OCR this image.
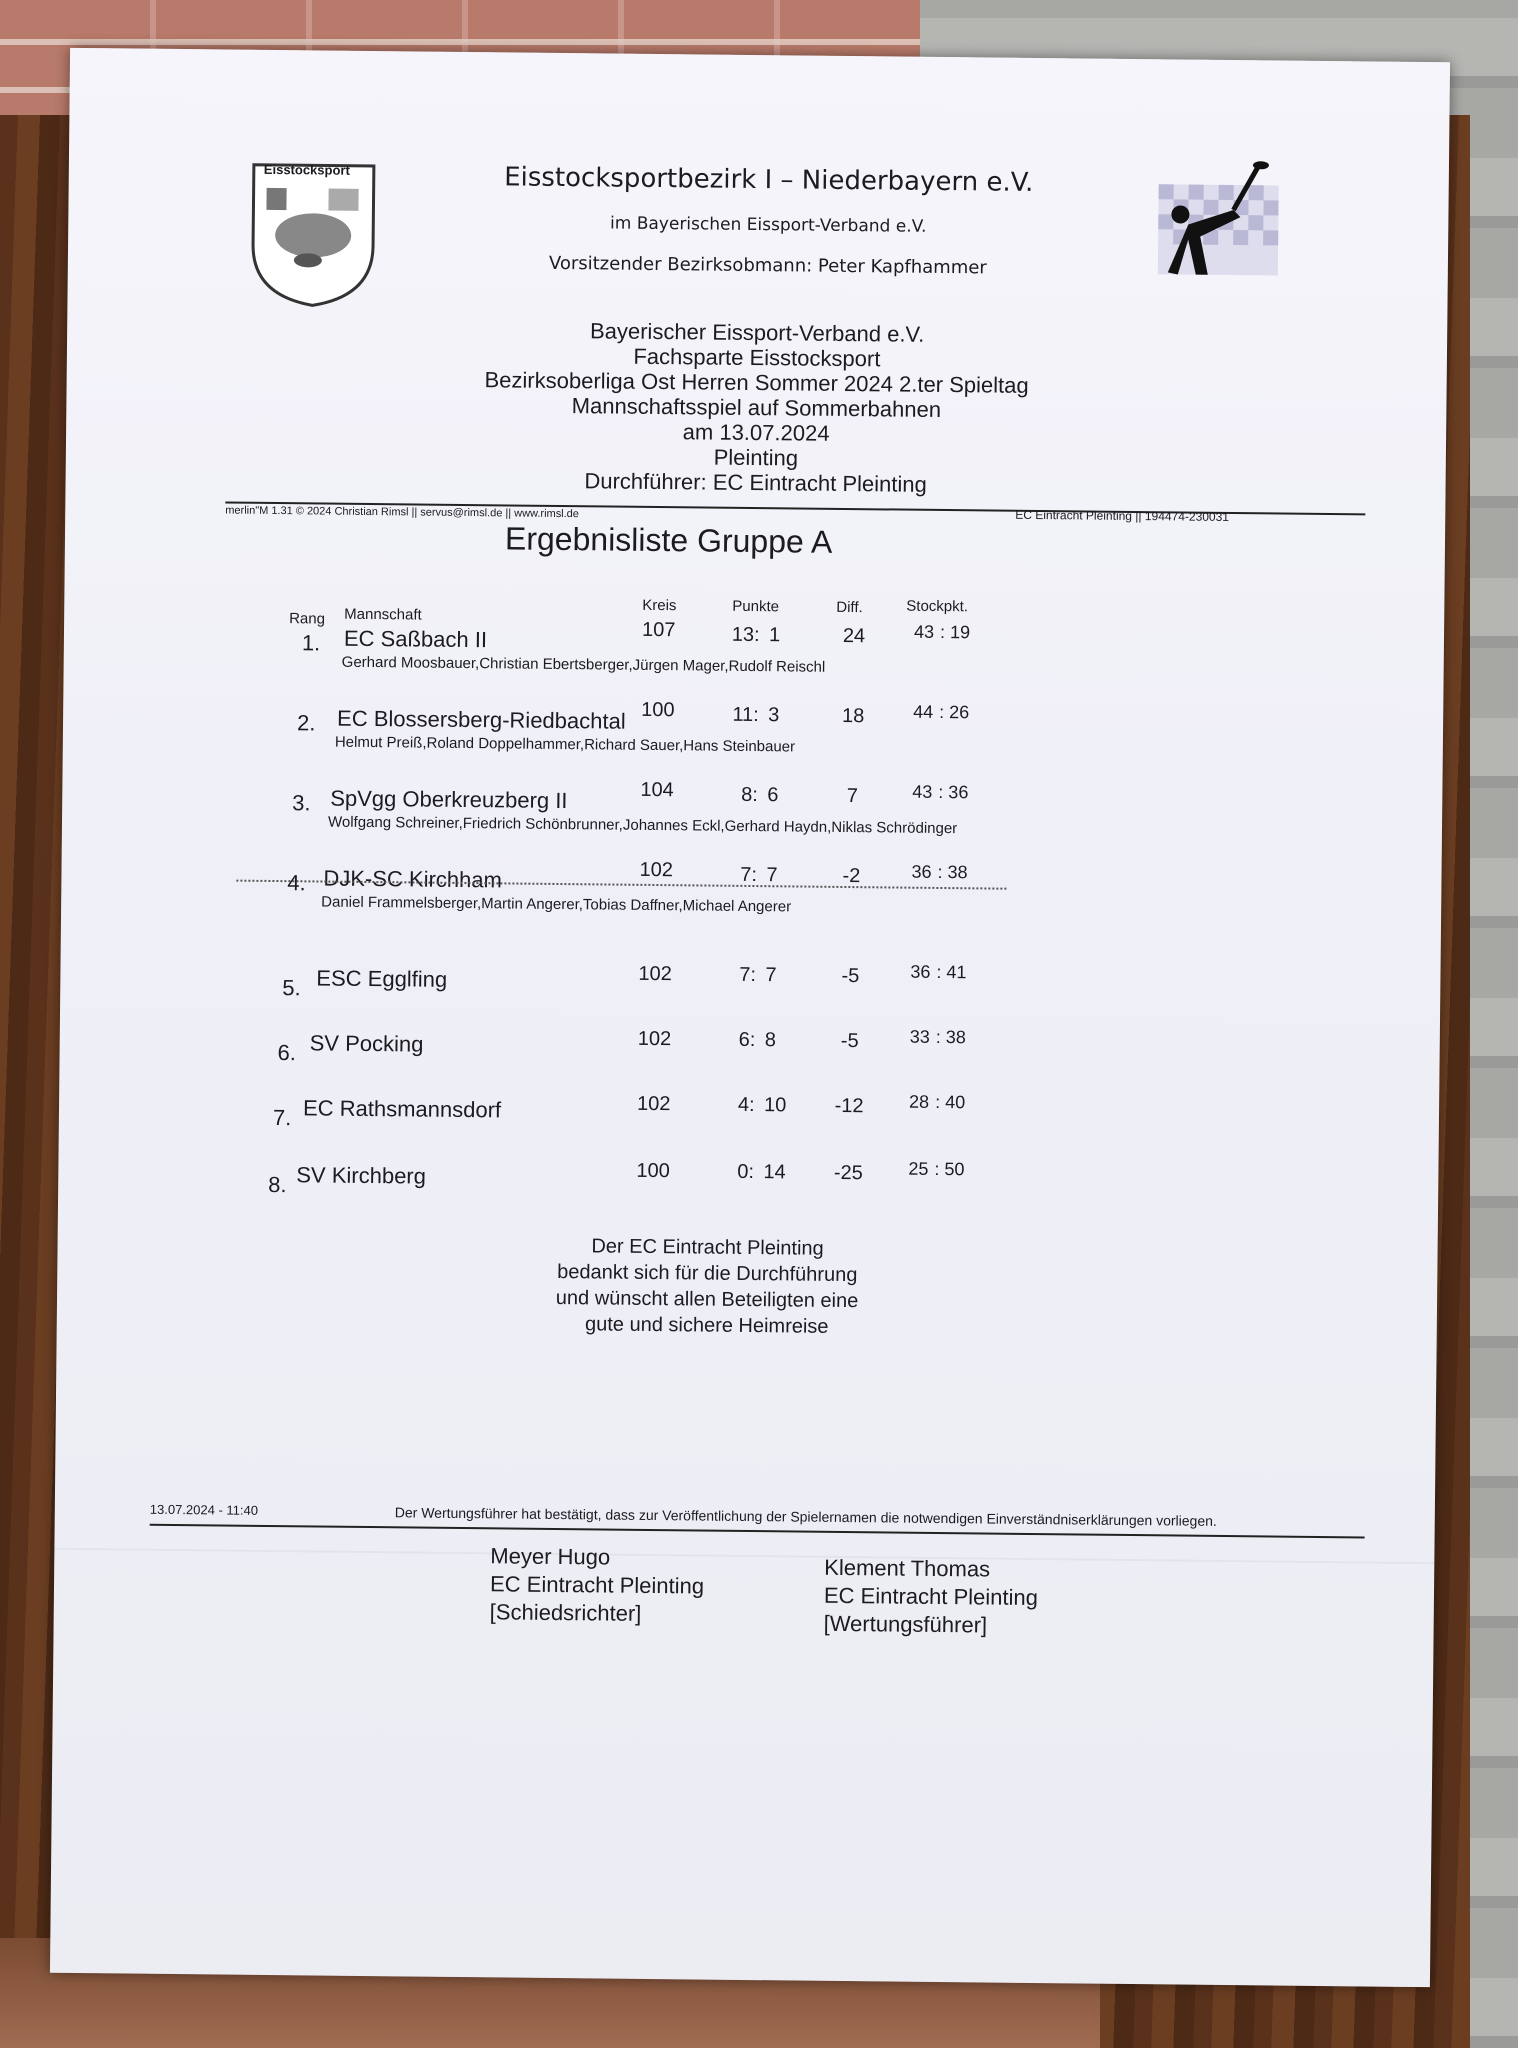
Eisstocksport	Eisstocksportbezirk I – Niederbayern e.V.
im Bayerischen Eissport-Verband e.V.
Vorsitzender Bezirksobmann: Peter Kapfhammer
Bayerischer Eissport-Verband e.V.
Fachsparte Eisstocksport
Bezirksoberliga Ost Herren Sommer 2024 2.ter Spieltag
Mannschaftsspiel auf Sommerbahnen
am 13.07.2024
Pleinting
Durchführer: EC Eintracht Pleinting
merlin"M 1.31 © 2024 Christian Rimsl || servus@rimsl.de || www.rimsl.de	EC Eintracht Pleinting || 194474-230031
Ergebnisliste Gruppe A
Rang Mannschaft
Kreis	Punkte	Diff.	Stockpkt.
1. EC Saßbach II
Gerhard Moosbauer,Christian Ebertsberger,Jürgen Mager,Rudolf Reischl
107	13 : 1	24	43 : 19
2. EC Blossersberg-Riedbachtal
Helmut Preiß,Roland Doppelhammer,Richard Sauer,Hans Steinbauer
100	11 : 3	18	44 : 26
3. SpVgg Oberkreuzberg II
Wolfgang Schreiner,Friedrich Schönbrunner,Johannes Eckl,Gerhard Haydn,Niklas Schrödinger
104	8 : 6	7	43 : 36
4. DJK-SC Kirchham
Daniel Frammelsberger,Martin Angerer,Tobias Daffner,Michael Angerer
102	7 : 7	-2	36 : 38
5. ESC Egglfing	102	7 : 7	-5	36 : 41
6. SV Pocking	102	6 : 8	-5	33 : 38
7. EC Rathsmannsdorf	102	4 : 10	-12	28 : 40
8. SV Kirchberg	100	0 : 14	-25	25 : 50
Der EC Eintracht Pleinting
bedankt sich für die Durchführung
und wünscht allen Beteiligten eine
gute und sichere Heimreise
13.07.2024 - 11:40	Der Wertungsführer hat bestätigt, dass zur Veröffentlichung der Spielernamen die notwendigen Einverständniserklärungen vorliegen.
Meyer Hugo
EC Eintracht Pleinting
[Schiedsrichter]
Klement Thomas
EC Eintracht Pleinting
[Wertungsführer]
